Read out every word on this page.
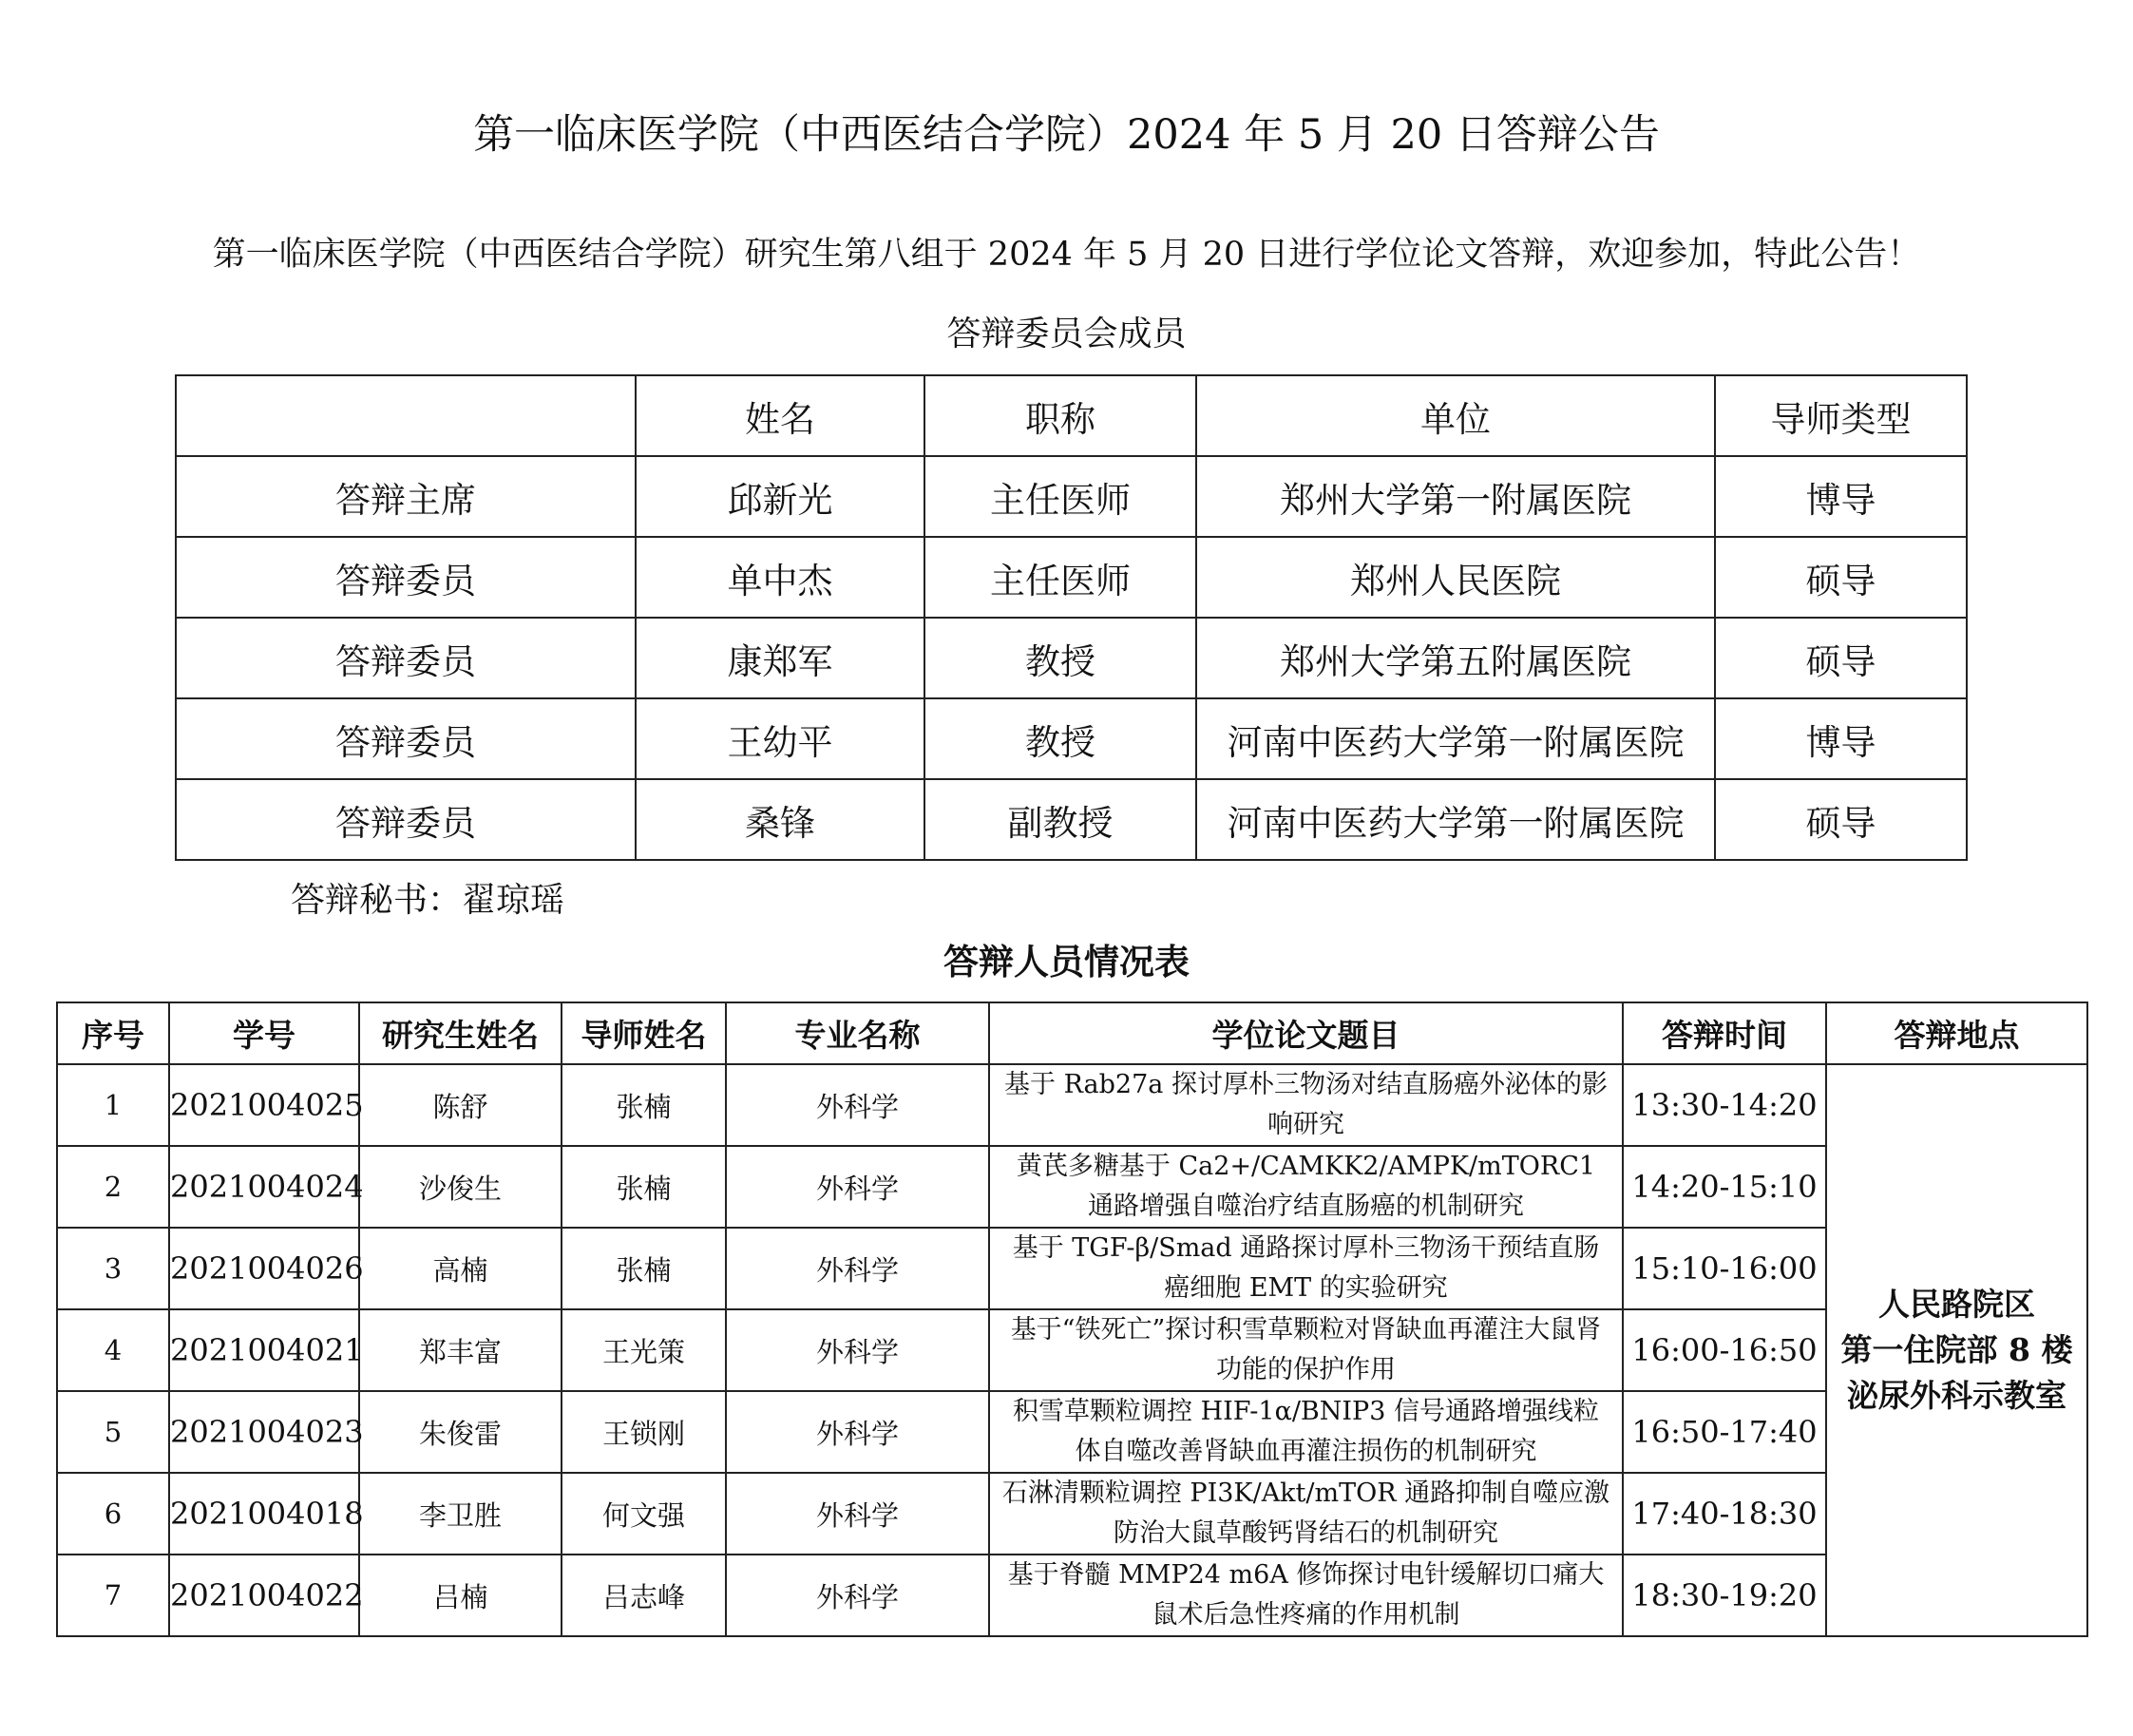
第一临床医学院（中西医结合学院）2024 年 5 月 20 日答辩公告
第一临床医学院（中西医结合学院）研究生第八组于 2024 年 5 月 20 日进行学位论文答辩，欢迎参加，特此公告！
答辩委员会成员
	姓名	职称	单位	导师类型
答辩主席	邱新光	主任医师	郑州大学第一附属医院	博导
答辩委员	单中杰	主任医师	郑州人民医院	硕导
答辩委员	康郑军	教授	郑州大学第五附属医院	硕导
答辩委员	王幼平	教授	河南中医药大学第一附属医院	博导
答辩委员	桑锋	副教授	河南中医药大学第一附属医院	硕导
答辩秘书：翟琼瑶
答辩人员情况表
序号	学号	研究生姓名	导师姓名	专业名称	学位论文题目	答辩时间	答辩地点
1	2021004025	陈舒	张楠	外科学	基于 Rab27a 探讨厚朴三物汤对结直肠癌外泌体的影响研究	13:30-14:20	人民路院区
第一住院部 8 楼
泌尿外科示教室

2	2021004024	沙俊生	张楠	外科学	黄芪多糖基于 Ca2+/CAMKK2/AMPK/mTORC1 通路增强自噬治疗结直肠癌的机制研究	14:20-15:10	
3	2021004026	高楠	张楠	外科学	基于 TGF-β/Smad 通路探讨厚朴三物汤干预结直肠癌细胞 EMT 的实验研究	15:10-16:00	
4	2021004021	郑丰富	王光策	外科学	基于“铁死亡”探讨积雪草颗粒对肾缺血再灌注大鼠肾功能的保护作用	16:00-16:50	
5	2021004023	朱俊雷	王锁刚	外科学	积雪草颗粒调控 HIF-1α/BNIP3 信号通路增强线粒体自噬改善肾缺血再灌注损伤的机制研究	16:50-17:40	
6	2021004018	李卫胜	何文强	外科学	石淋清颗粒调控 PI3K/Akt/mTOR 通路抑制自噬应激防治大鼠草酸钙肾结石的机制研究	17:40-18:30	
7	2021004022	吕楠	吕志峰	外科学	基于脊髓 MMP24 m6A 修饰探讨电针缓解切口痛大鼠术后急性疼痛的作用机制	18:30-19:20	
